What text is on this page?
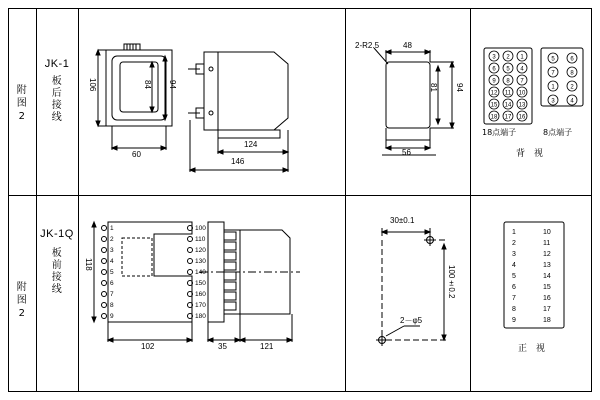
附
图
2
JK-1
板
后
接
线
106	84 94
60
124
146
2-R2.5	48
81 94
56
1
2
3
4
5
6
7
8
9
10
11
12
13
14
15
16
17
18
5	6
7	8
1	2
3	4
18点端子	8点端子
背　视
附
图
2
JK-1Q
板
前
接
线
118
102	35	121
1
2
3
4
5
6
7
8
9
100
110
120
130
140
150
160
170
180
30±0.1
100±0.2
2－φ5
1
2
3
4
5
6
7
8
9
10
11
12
13
14
15
16
17
18
正　视
